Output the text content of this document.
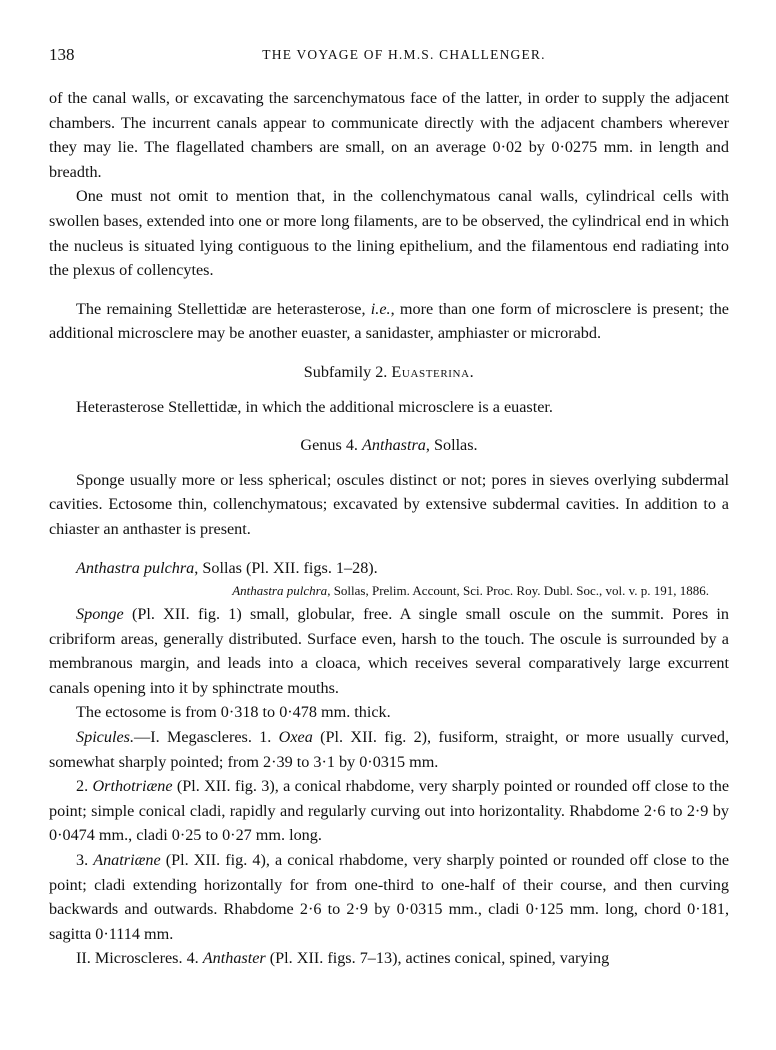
138	THE VOYAGE OF H.M.S. CHALLENGER.

of the canal walls, or excavating the sarcenchymatous face of the latter, in order to supply the adjacent chambers. The incurrent canals appear to communicate directly with the adjacent chambers wherever they may lie. The flagellated chambers are small, on an average 0·02 by 0·0275 mm. in length and breadth.

One must not omit to mention that, in the collenchymatous canal walls, cylindrical cells with swollen bases, extended into one or more long filaments, are to be observed, the cylindrical end in which the nucleus is situated lying contiguous to the lining epithelium, and the filamentous end radiating into the plexus of collencytes.

The remaining Stellettidæ are heterasterose, i.e., more than one form of microsclere is present; the additional microsclere may be another euaster, a sanidaster, amphiaster or microrabd.

Subfamily 2. Euasterina.

Heterasterose Stellettidæ, in which the additional microsclere is a euaster.

Genus 4. Anthastra, Sollas.

Sponge usually more or less spherical; oscules distinct or not; pores in sieves overlying subdermal cavities. Ectosome thin, collenchymatous; excavated by extensive subdermal cavities. In addition to a chiaster an anthaster is present.

Anthastra pulchra, Sollas (Pl. XII. figs. 1–28).

Anthastra pulchra, Sollas, Prelim. Account, Sci. Proc. Roy. Dubl. Soc., vol. v. p. 191, 1886.

Sponge (Pl. XII. fig. 1) small, globular, free. A single small oscule on the summit. Pores in cribriform areas, generally distributed. Surface even, harsh to the touch. The oscule is surrounded by a membranous margin, and leads into a cloaca, which receives several comparatively large excurrent canals opening into it by sphinctrate mouths.

The ectosome is from 0·318 to 0·478 mm. thick.

Spicules.—I. Megascleres. 1. Oxea (Pl. XII. fig. 2), fusiform, straight, or more usually curved, somewhat sharply pointed; from 2·39 to 3·1 by 0·0315 mm.

2. Orthotriæne (Pl. XII. fig. 3), a conical rhabdome, very sharply pointed or rounded off close to the point; simple conical cladi, rapidly and regularly curving out into horizontality. Rhabdome 2·6 to 2·9 by 0·0474 mm., cladi 0·25 to 0·27 mm. long.

3. Anatriæne (Pl. XII. fig. 4), a conical rhabdome, very sharply pointed or rounded off close to the point; cladi extending horizontally for from one-third to one-half of their course, and then curving backwards and outwards. Rhabdome 2·6 to 2·9 by 0·0315 mm., cladi 0·125 mm. long, chord 0·181, sagitta 0·1114 mm.

II. Microscleres. 4. Anthaster (Pl. XII. figs. 7–13), actines conical, spined, varying
